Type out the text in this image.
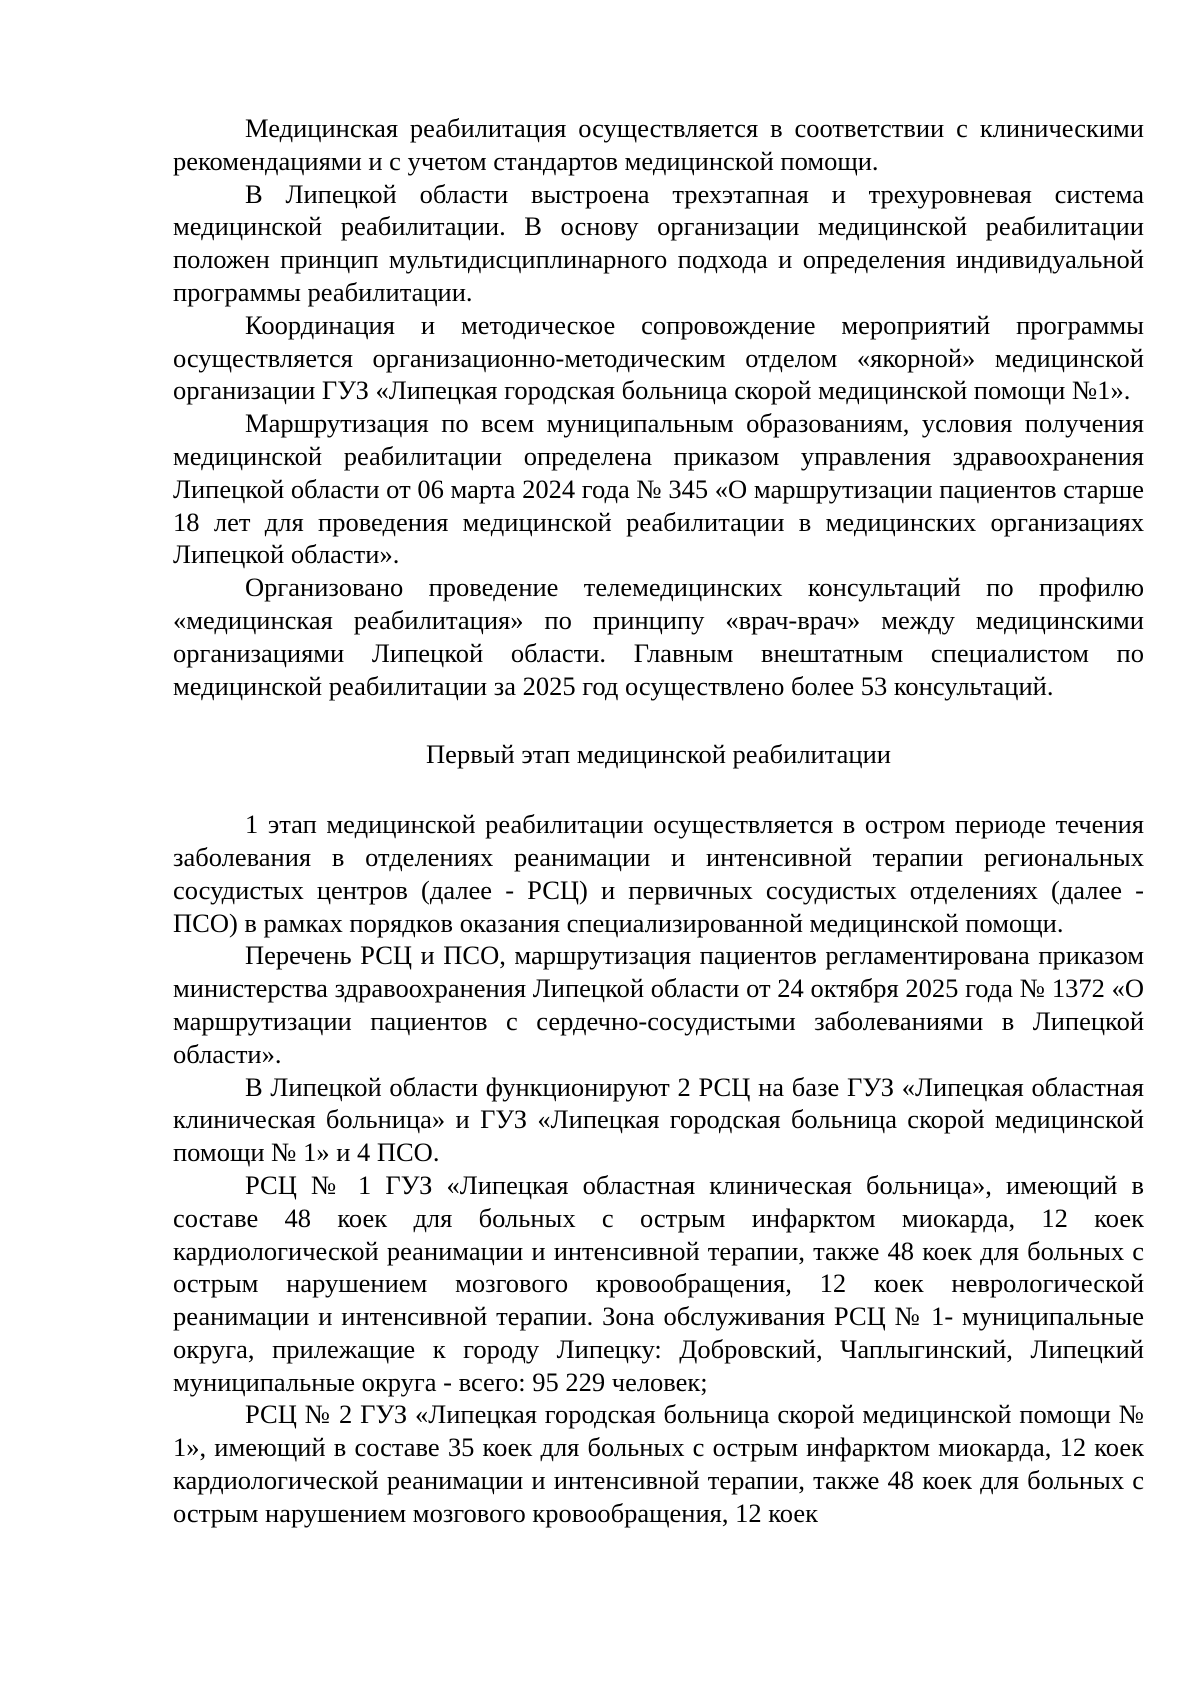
Медицинская реабилитация осуществляется в соответствии с клиническими рекомендациями и с учетом стандартов медицинской помощи.

В Липецкой области выстроена трехэтапная и трехуровневая система медицинской реабилитации. В основу организации медицинской реабилитации положен принцип мультидисциплинарного подхода и определения индивидуальной программы реабилитации.

Координация и методическое сопровождение мероприятий программы осуществляется организационно-методическим отделом «якорной» медицинской организации ГУЗ «Липецкая городская больница скорой медицинской помощи №1».

Маршрутизация по всем муниципальным образованиям, условия получения медицинской реабилитации определена приказом управления здравоохранения Липецкой области от 06 марта 2024 года № 345 «О маршрутизации пациентов старше 18 лет для проведения медицинской реабилитации в медицинских организациях Липецкой области».

Организовано проведение телемедицинских консультаций по профилю «медицинская реабилитация» по принципу «врач-врач» между медицинскими организациями Липецкой области. Главным внештатным специалистом по медицинской реабилитации за 2025 год осуществлено более 53 консультаций.

Первый этап медицинской реабилитации

1 этап медицинской реабилитации осуществляется в остром периоде течения заболевания в отделениях реанимации и интенсивной терапии региональных сосудистых центров (далее - РСЦ) и первичных сосудистых отделениях (далее - ПСО) в рамках порядков оказания специализированной медицинской помощи.

Перечень РСЦ и ПСО, маршрутизация пациентов регламентирована приказом министерства здравоохранения Липецкой области от 24 октября 2025 года № 1372 «О маршрутизации пациентов с сердечно-сосудистыми заболеваниями в Липецкой области».

В Липецкой области функционируют 2 РСЦ на базе ГУЗ «Липецкая областная клиническая больница» и ГУЗ «Липецкая городская больница скорой медицинской помощи № 1» и 4 ПСО.

РСЦ № 1 ГУЗ «Липецкая областная клиническая больница», имеющий в составе 48 коек для больных с острым инфарктом миокарда, 12 коек кардиологической реанимации и интенсивной терапии, также 48 коек для больных с острым нарушением мозгового кровообращения, 12 коек неврологической реанимации и интенсивной терапии. Зона обслуживания РСЦ № 1- муниципальные округа, прилежащие к городу Липецку: Добровский, Чаплыгинский, Липецкий муниципальные округа - всего: 95 229 человек;

РСЦ № 2 ГУЗ «Липецкая городская больница скорой медицинской помощи № 1», имеющий в составе 35 коек для больных с острым инфарктом миокарда, 12 коек кардиологической реанимации и интенсивной терапии, также 48 коек для больных с острым нарушением мозгового кровообращения, 12 коек
